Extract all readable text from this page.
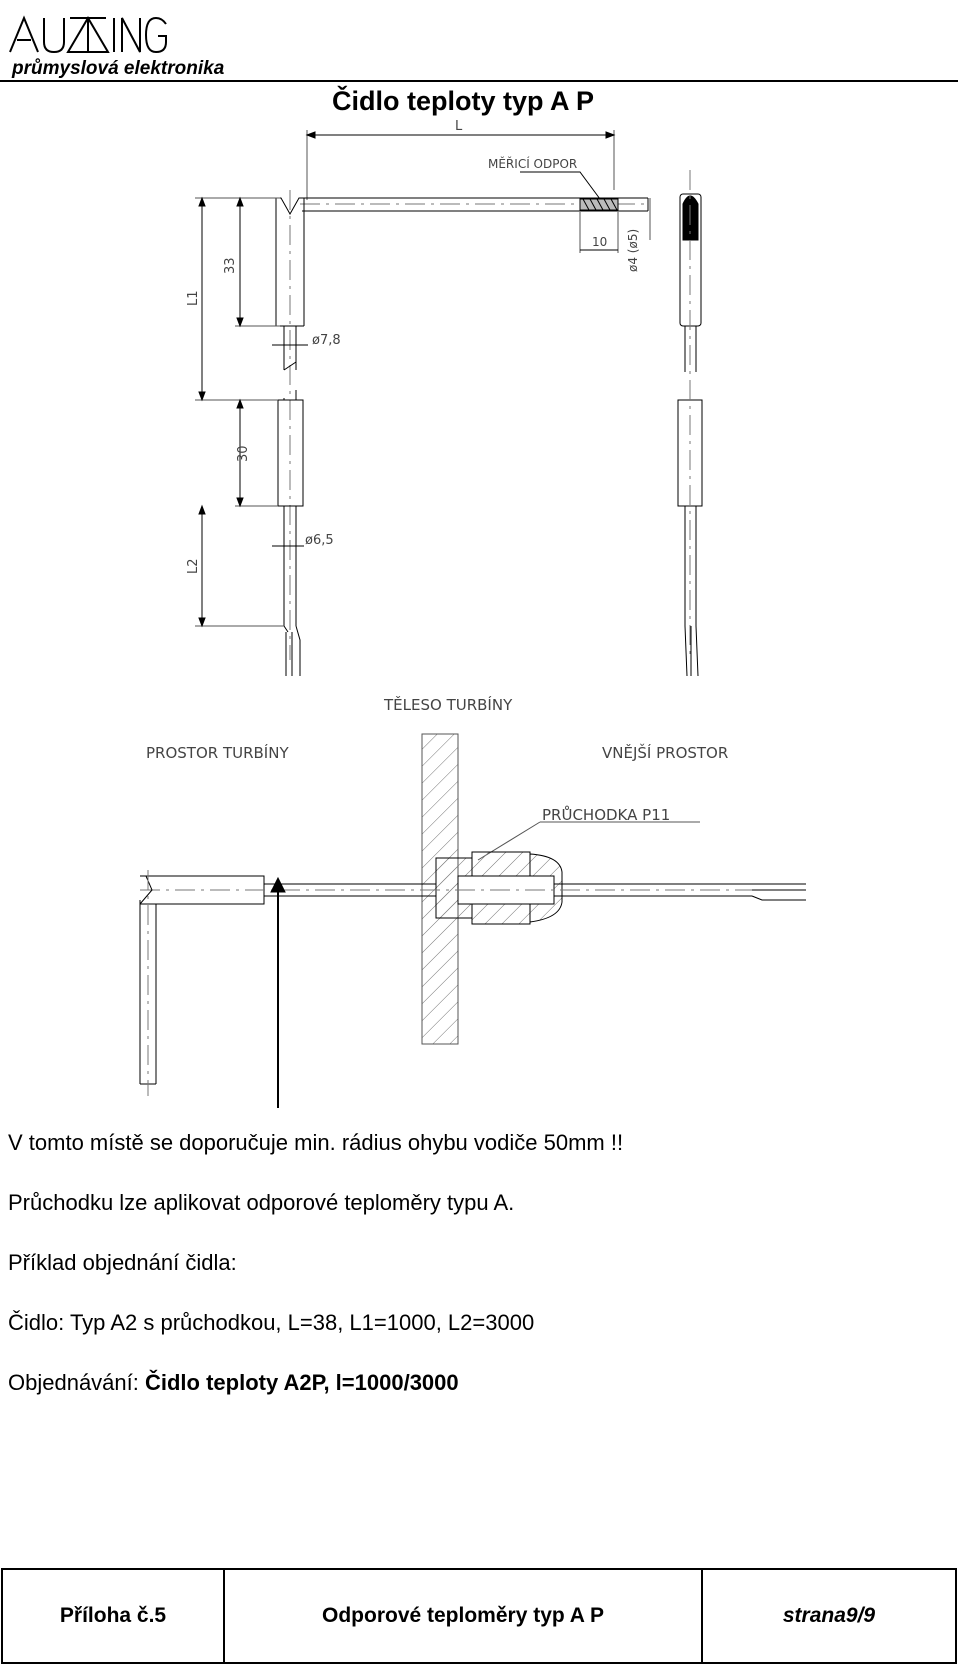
průmyslová elektronika
Čidlo teploty typ A P
L
MĚŘICÍ ODPOR
10 ø4 (ø5)
L1
33
ø7,8
30
ø6,5
L2
TĚLESO TURBÍNY
PROSTOR TURBÍNY	VNĚJŠÍ PROSTOR
PRŮCHODKA P11
V tomto místě se doporučuje min. rádius ohybu vodiče 50mm !!
Průchodku lze aplikovat odporové teploměry typu A.
Příklad objednání čidla:
Čidlo: Typ A2 s průchodkou, L=38, L1=1000, L2=3000
Objednávání: Čidlo teploty A2P, l=1000/3000
Příloha č.5	Odporové teploměry typ A P	strana9/9
